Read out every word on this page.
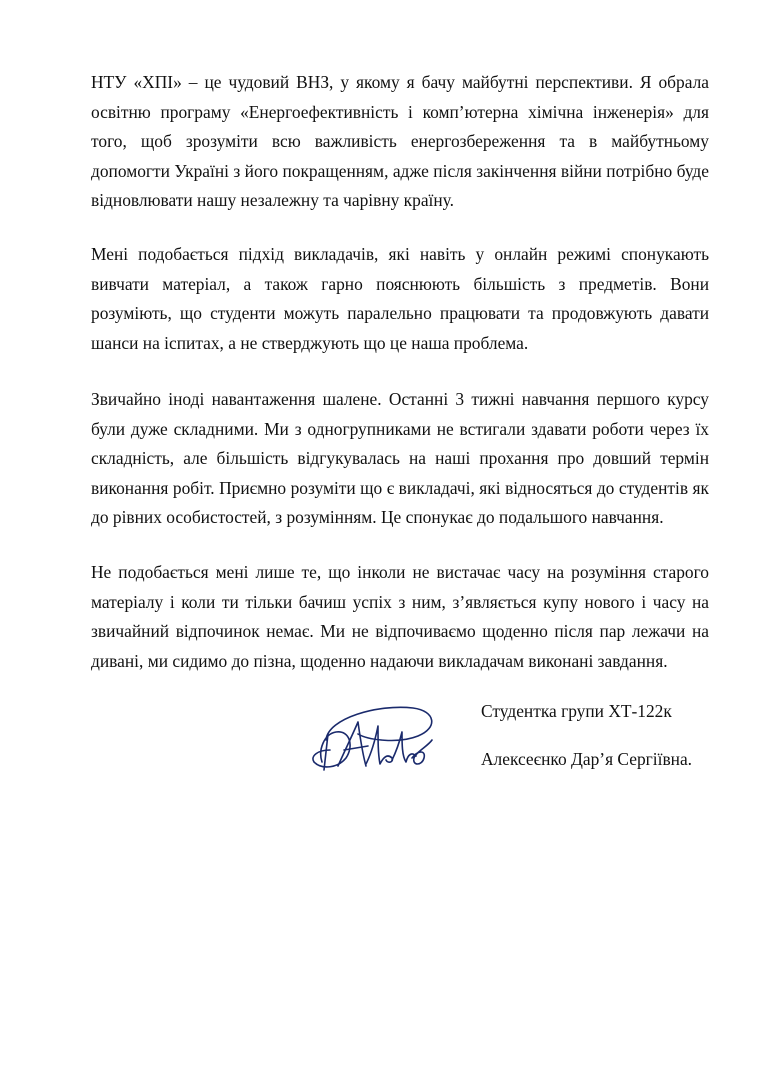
НТУ «ХПІ» – це чудовий ВНЗ, у якому я бачу майбутні перспективи. Я обрала освітню програму «Енергоефективність і комп’ютерна хімічна інженерія» для того, щоб зрозуміти всю важливість енергозбереження та в майбутньому допомогти Україні з його покращенням, адже після закінчення війни потрібно буде відновлювати нашу незалежну та чарівну країну.

Мені подобається підхід викладачів, які навіть у онлайн режимі спонукають вивчати матеріал, а також гарно пояснюють більшість з предметів. Вони розуміють, що студенти можуть паралельно працювати та продовжують давати шанси на іспитах, а не стверджують що це наша проблема.

Звичайно іноді навантаження шалене. Останні 3 тижні навчання першого курсу були дуже складними. Ми з одногрупниками не встигали здавати роботи через їх складність, але більшість відгукувалась на наші прохання про довший термін виконання робіт. Приємно розуміти що є викладачі, які відносяться до студентів як до рівних особистостей, з розумінням. Це спонукає до подальшого навчання.

Не подобається мені лише те, що інколи не вистачає часу на розуміння старого матеріалу і коли ти тільки бачиш успіх з ним, з’являється купу нового і часу на звичайний відпочинок немає. Ми не відпочиваємо щоденно після пар лежачи на дивані, ми сидимо до пізна, щоденно надаючи викладачам виконані завдання.

Студентка групи ХТ-122к
Алексеєнко Дар’я Сергіївна.
